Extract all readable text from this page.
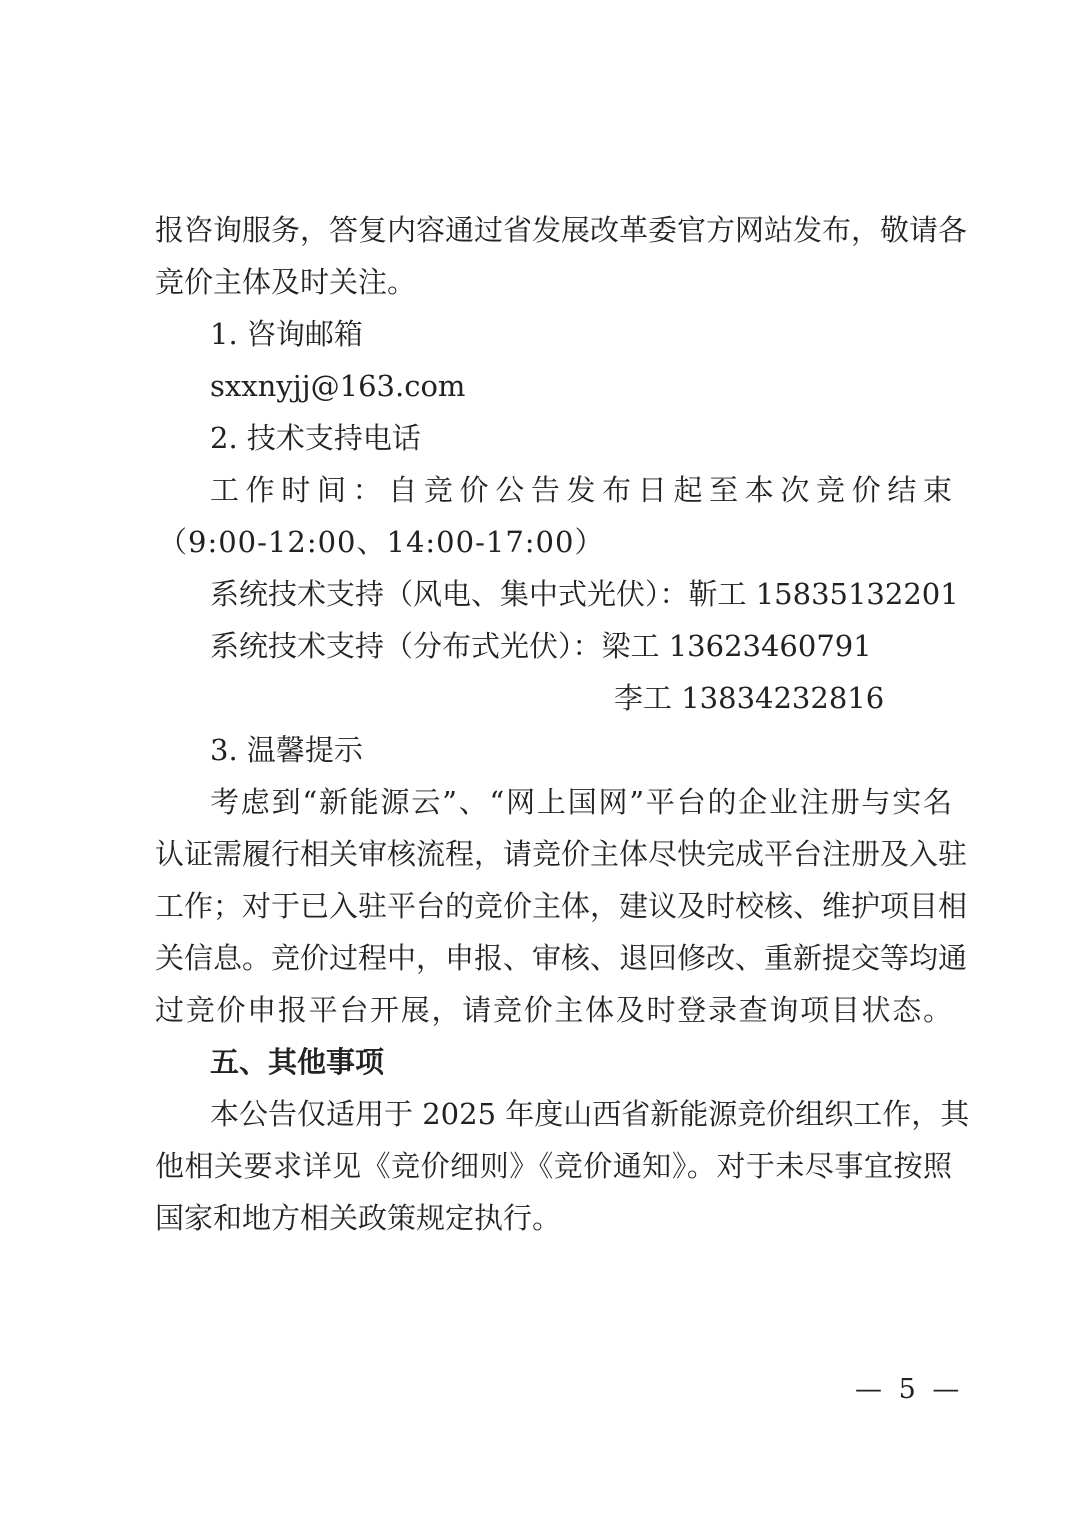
报咨询服务，答复内容通过省发展改革委官方网站发布，敬请各
竞价主体及时关注。
1. 咨询邮箱
sxxnyjj@163.com
2. 技术支持电话
工作时间：自竞价公告发布日起至本次竞价结束
（9:00-12:00、14:00-17:00）
系统技术支持（风电、集中式光伏）：靳工 15835132201
系统技术支持（分布式光伏）：梁工 13623460791
李工 13834232816
3. 温馨提示
考虑到“新能源云”、“网上国网”平台的企业注册与实名
认证需履行相关审核流程，请竞价主体尽快完成平台注册及入驻
工作；对于已入驻平台的竞价主体，建议及时校核、维护项目相
关信息。竞价过程中，申报、审核、退回修改、重新提交等均通
过竞价申报平台开展，请竞价主体及时登录查询项目状态。
五、其他事项
本公告仅适用于 2025 年度山西省新能源竞价组织工作，其
他相关要求详见《竞价细则》《竞价通知》。对于未尽事宜按照
国家和地方相关政策规定执行。
— 5 —
